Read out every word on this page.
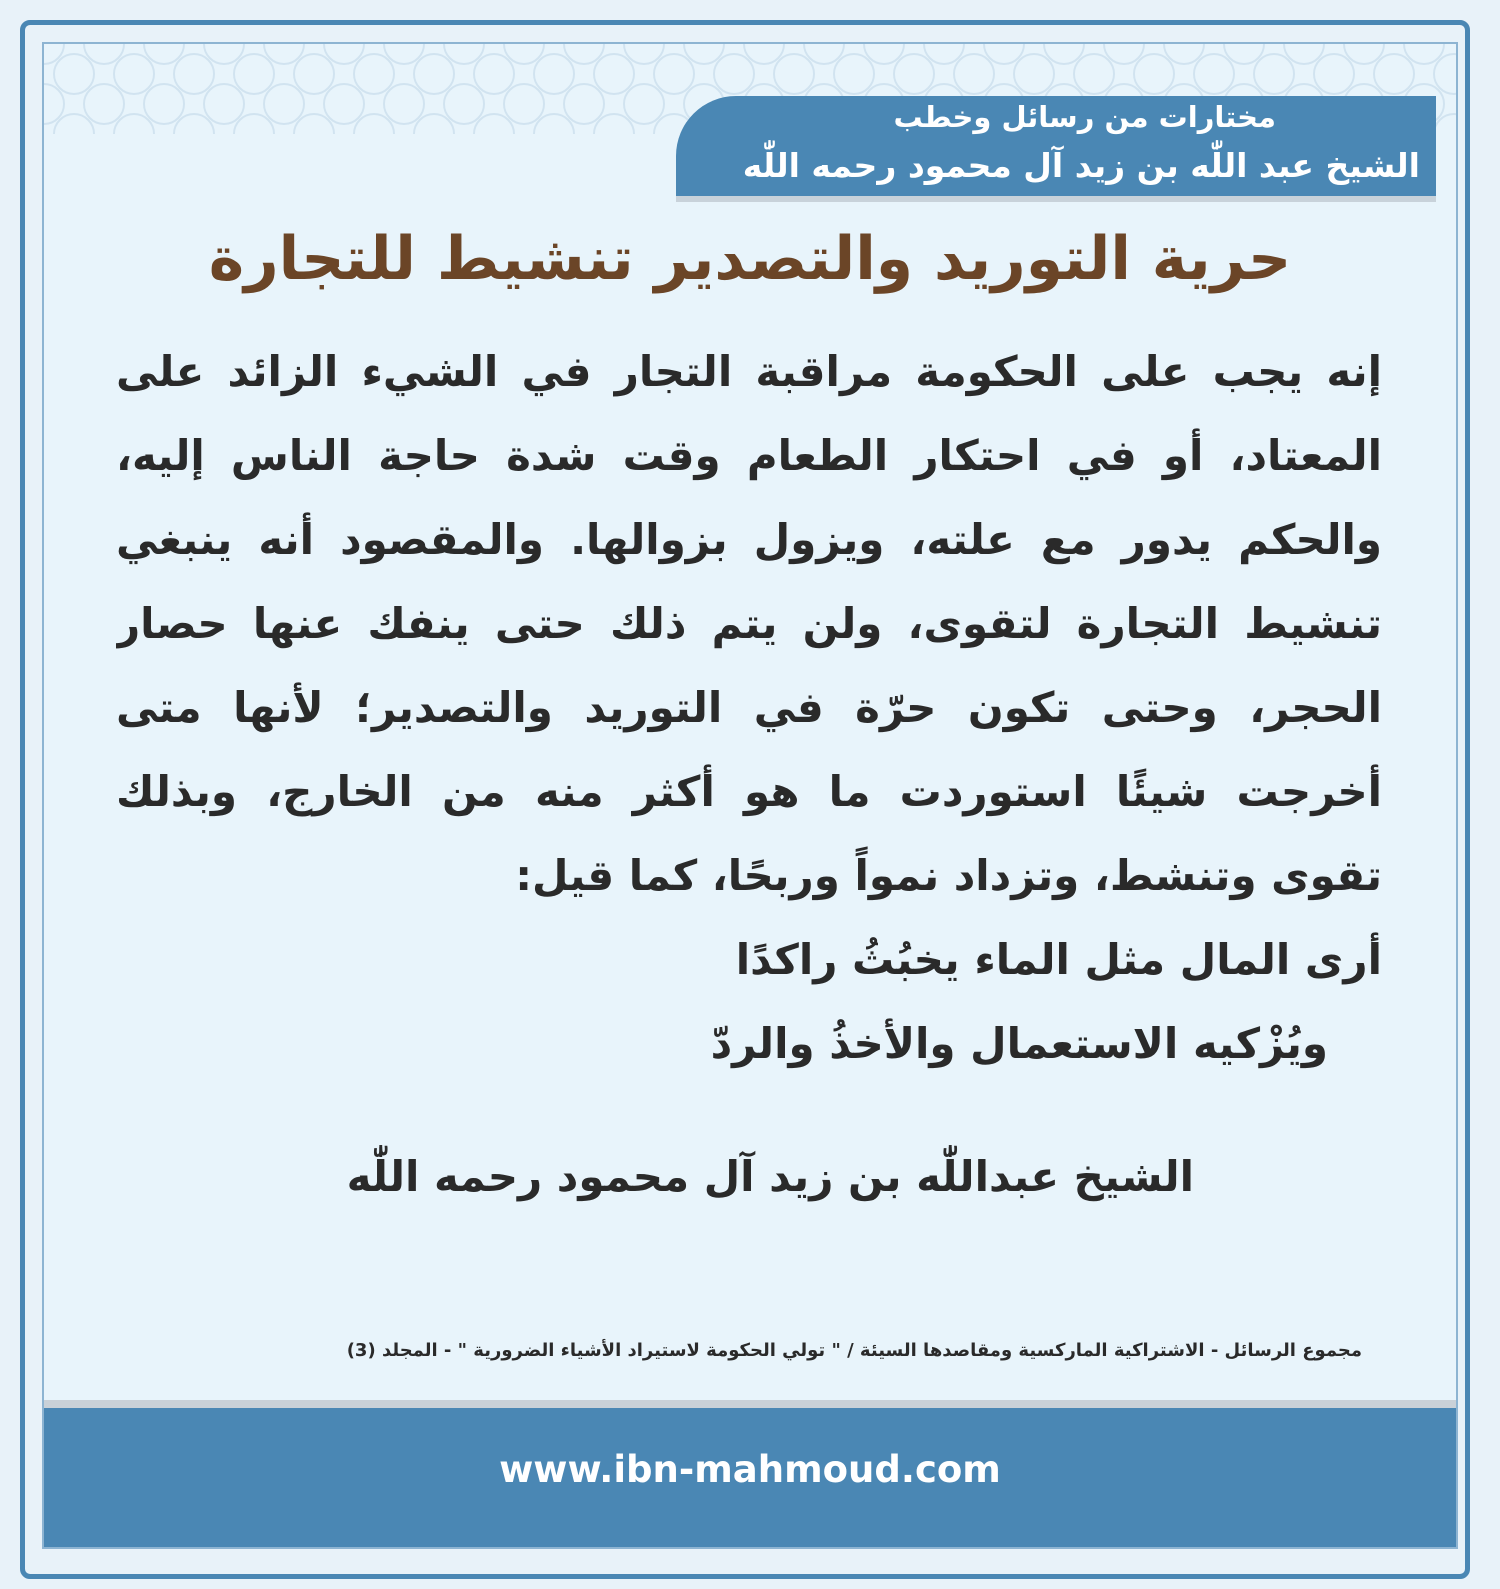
مختارات من رسائل وخطب
الشيخ عبد اللّٰه بن زيد آل محمود رحمه اللّٰه
حرية التوريد والتصدير تنشيط للتجارة
إنه يجب على الحكومة مراقبة التجار في الشيء الزائد على
المعتاد، أو في احتكار الطعام وقت شدة حاجة الناس إليه،
والحكم يدور مع علته، ويزول بزوالها. والمقصود أنه ينبغي
تنشيط التجارة لتقوى، ولن يتم ذلك حتى ينفك عنها حصار
الحجر، وحتى تكون حرّة في التوريد والتصدير؛ لأنها متى
أخرجت شيئًا استوردت ما هو أكثر منه من الخارج، وبذلك
تقوى وتنشط، وتزداد نمواً وربحًا، كما قيل:
أرى المال مثل الماء يخبُثُ راكدًا
ويُزْكيه الاستعمال والأخذُ والردّ
الشيخ عبداللّٰه بن زيد آل محمود رحمه اللّٰه
مجموع الرسائل - الاشتراكية الماركسية ومقاصدها السيئة / " تولي الحكومة لاستيراد الأشياء الضرورية " - المجلد (3)
www.ibn-mahmoud.com
